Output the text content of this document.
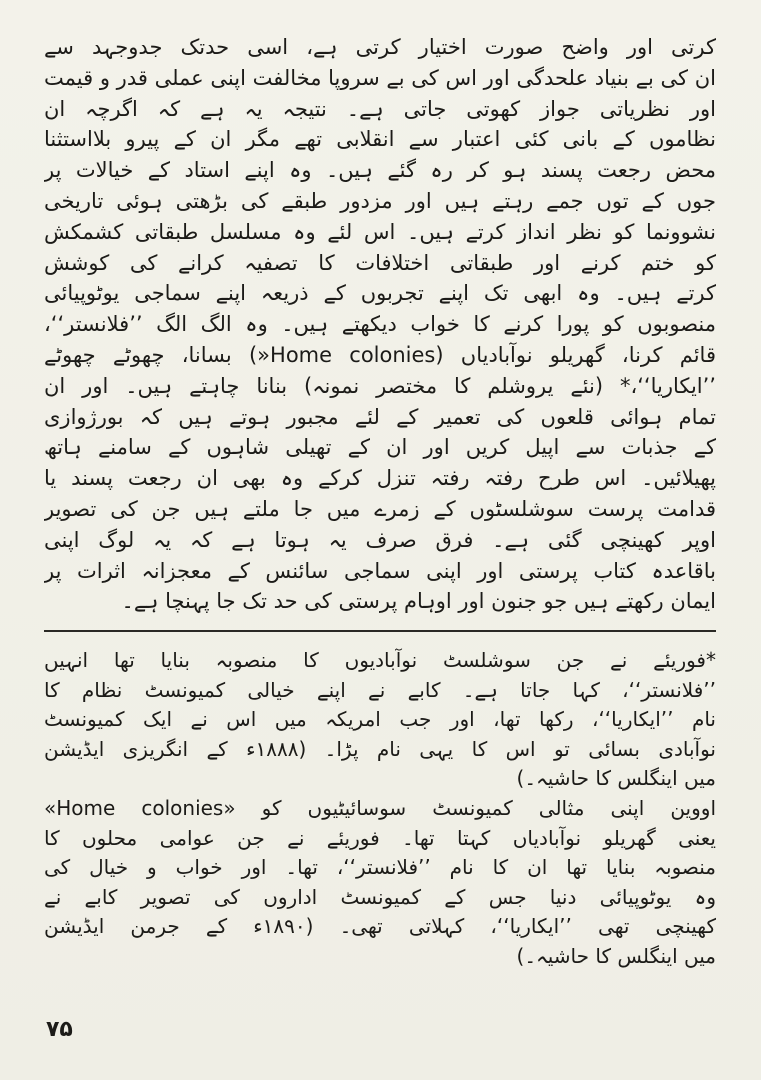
کرتی اور واضح صورت اختیار کرتی ہے، اسی حدتک جدوجہد سے
ان کی بے بنیاد علحدگی اور اس کی بے سروپا مخالفت اپنی عملی قدر و قیمت
اور نظریاتی جواز کھوتی جاتی ہے۔ نتیجہ یہ ہے کہ اگرچہ ان
نظاموں کے بانی کئی اعتبار سے انقلابی تھے مگر ان کے پیرو بلااستثنا
محض رجعت پسند ہو کر رہ گئے ہیں۔ وہ اپنے استاد کے خیالات پر
جوں کے توں جمے رہتے ہیں اور مزدور طبقے کی بڑھتی ہوئی تاریخی
نشوونما کو نظر انداز کرتے ہیں۔ اس لئے وہ مسلسل طبقاتی کشمکش
کو ختم کرنے اور طبقاتی اختلافات کا تصفیہ کرانے کی کوشش
کرتے ہیں۔ وہ ابھی تک اپنے تجربوں کے ذریعہ اپنے سماجی یوٹوپیائی
منصوبوں کو پورا کرنے کا خواب دیکھتے ہیں۔ وہ الگ الگ ’’فلانستر‘‘،
قائم کرنا، گھریلو نوآبادیاں (Home colonies«) بسانا، چھوٹے چھوٹے
’’ایکاریا‘‘،* (نئے یروشلم کا مختصر نمونہ) بنانا چاہتے ہیں۔ اور ان
تمام ہوائی قلعوں کی تعمیر کے لئے مجبور ہوتے ہیں کہ بورژوازی
کے جذبات سے اپیل کریں اور ان کے تھیلی شاہوں کے سامنے ہاتھ
پھیلائیں۔ اس طرح رفتہ رفتہ تنزل کرکے وہ بھی ان رجعت پسند یا
قدامت پرست سوشلسٹوں کے زمرے میں جا ملتے ہیں جن کی تصویر
اوپر کھینچی گئی ہے۔ فرق صرف یہ ہوتا ہے کہ یہ لوگ اپنی
باقاعدہ کتاب پرستی اور اپنی سماجی سائنس کے معجزانہ اثرات پر
ایمان رکھتے ہیں جو جنون اور اوہام پرستی کی حد تک جا پہنچا ہے۔
*فوریئے نے جن سوشلسٹ نوآبادیوں کا منصوبہ بنایا تھا انہیں
’’فلانستر‘‘، کہا جاتا ہے۔ کابے نے اپنے خیالی کمیونسٹ نظام کا
نام ’’ایکاریا‘‘، رکھا تھا، اور جب امریکہ میں اس نے ایک کمیونسٹ
نوآبادی بسائی تو اس کا یہی نام پڑا۔ (۱۸۸۸ء کے انگریزی ایڈیشن
میں اینگلس کا حاشیہ۔)
اووین اپنی مثالی کمیونسٹ سوسائیٹیوں کو «Home colonies»
یعنی گھریلو نوآبادیاں کہتا تھا۔ فوریئے نے جن عوامی محلوں کا
منصوبہ بنایا تھا ان کا نام ’’فلانستر‘‘، تھا۔ اور خواب و خیال کی
وہ یوٹوپیائی دنیا جس کے کمیونسٹ اداروں کی تصویر کابے نے
کھینچی تھی ’’ایکاریا‘‘، کہلاتی تھی۔ (۱۸۹۰ء کے جرمن ایڈیشن
میں اینگلس کا حاشیہ۔)
۷۵
